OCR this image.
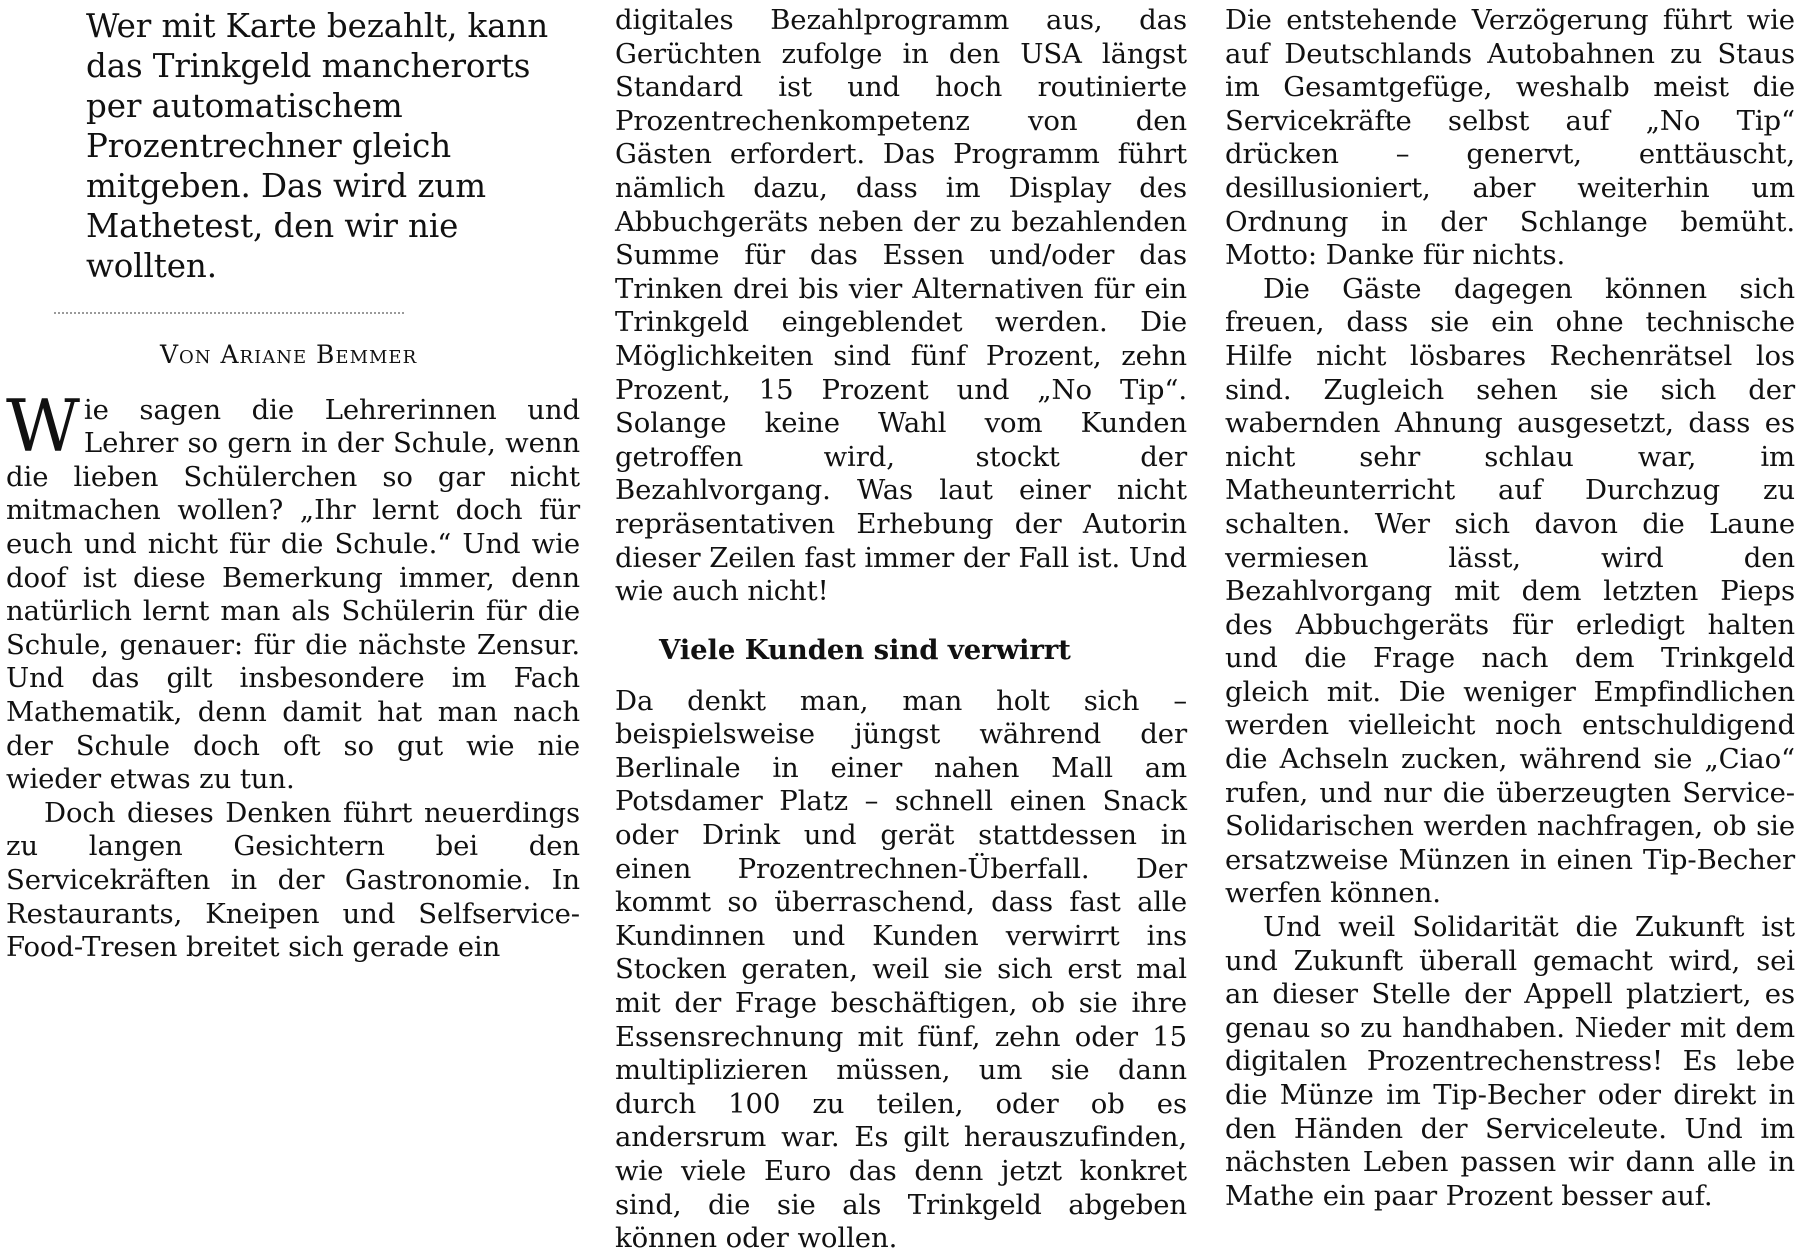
Wer mit Karte bezahlt, kann das Trinkgeld mancherorts per automatischem Prozentrechner gleich mitgeben. Das wird zum Mathetest, den wir nie wollten.
Von Ariane Bemmer

Wie sagen die Lehrerinnen und Lehrer so gern in der Schule, wenn die lieben Schülerchen so gar nicht mitmachen wollen? „Ihr lernt doch für euch und nicht für die Schule.“ Und wie doof ist diese Bemerkung immer, denn natürlich lernt man als Schülerin für die Schule, genauer: für die nächste Zensur. Und das gilt insbesondere im Fach Mathematik, denn damit hat man nach der Schule doch oft so gut wie nie wieder etwas zu tun.

Doch dieses Denken führt neuerdings zu langen Gesichtern bei den Servicekräften in der Gastronomie. In Restaurants, Kneipen und Selfservice-Food-Tresen breitet sich gerade ein

digitales Bezahlprogramm aus, das Gerüchten zufolge in den USA längst Standard ist und hoch routinierte Prozentrechenkompetenz von den Gästen erfordert. Das Programm führt nämlich dazu, dass im Display des Abbuchgeräts neben der zu bezahlenden Summe für das Essen und/oder das Trinken drei bis vier Alternativen für ein Trinkgeld eingeblendet werden. Die Möglichkeiten sind fünf Prozent, zehn Prozent, 15 Prozent und „No Tip“. Solange keine Wahl vom Kunden getroffen wird, stockt der Bezahlvorgang. Was laut einer nicht repräsentativen Erhebung der Autorin dieser Zeilen fast immer der Fall ist. Und wie auch nicht!
Viele Kunden sind verwirrt

Da denkt man, man holt sich – beispielsweise jüngst während der Berlinale in einer nahen Mall am Potsdamer Platz – schnell einen Snack oder Drink und gerät stattdessen in einen Prozentrechnen-Überfall. Der kommt so überraschend, dass fast alle Kundinnen und Kunden verwirrt ins Stocken geraten, weil sie sich erst mal mit der Frage beschäftigen, ob sie ihre Essensrechnung mit fünf, zehn oder 15 multiplizieren müssen, um sie dann durch 100 zu teilen, oder ob es andersrum war. Es gilt herauszufinden, wie viele Euro das denn jetzt konkret sind, die sie als Trinkgeld abgeben können oder wollen.

Die entstehende Verzögerung führt wie auf Deutschlands Autobahnen zu Staus im Gesamtgefüge, weshalb meist die Servicekräfte selbst auf „No Tip“ drücken – genervt, enttäuscht, desillusioniert, aber weiterhin um Ordnung in der Schlange bemüht. Motto: Danke für nichts.

Die Gäste dagegen können sich freuen, dass sie ein ohne technische Hilfe nicht lösbares Rechenrätsel los sind. Zugleich sehen sie sich der wabernden Ahnung ausgesetzt, dass es nicht sehr schlau war, im Matheunterricht auf Durchzug zu schalten. Wer sich davon die Laune vermiesen lässt, wird den Bezahlvorgang mit dem letzten Pieps des Abbuchgeräts für erledigt halten und die Frage nach dem Trinkgeld gleich mit. Die weniger Empfindlichen werden vielleicht noch entschuldigend die Achseln zucken, während sie „Ciao“ rufen, und nur die überzeugten Service-Solidarischen werden nachfragen, ob sie ersatzweise Münzen in einen Tip-Becher werfen können.

Und weil Solidarität die Zukunft ist und Zukunft überall gemacht wird, sei an dieser Stelle der Appell platziert, es genau so zu handhaben. Nieder mit dem digitalen Prozentrechenstress! Es lebe die Münze im Tip-Becher oder direkt in den Händen der Serviceleute. Und im nächsten Leben passen wir dann alle in Mathe ein paar Prozent besser auf.
